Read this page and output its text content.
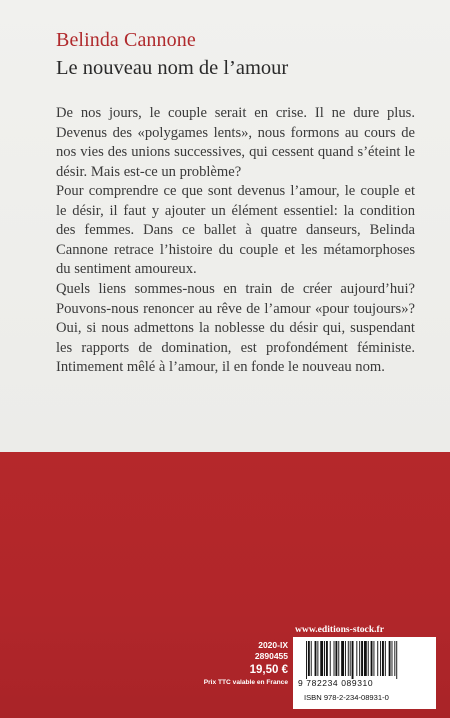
Belinda Cannone
Le nouveau nom de l’amour
De nos jours, le couple serait en crise. Il ne dure plus. Devenus des «polygames lents», nous formons au cours de nos vies des unions successives, qui cessent quand s’éteint le désir. Mais est-ce un problème?
Pour comprendre ce que sont devenus l’amour, le couple et le désir, il faut y ajouter un élément essentiel: la condition des femmes. Dans ce ballet à quatre danseurs, Belinda Cannone retrace l’histoire du couple et les métamorphoses du sentiment amoureux.
Quels liens sommes-nous en train de créer aujourd’hui? Pouvons-nous renoncer au rêve de l’amour «pour toujours»? Oui, si nous admettons la noblesse du désir qui, suspendant les rapports de domination, est profondément féministe. Intimement mêlé à l’amour, il en fonde le nouveau nom.
2020-IX
2890455
19,50 €
Prix TTC valable en France
www.editions-stock.fr
9 782234 089310
ISBN 978-2-234-08931-0
